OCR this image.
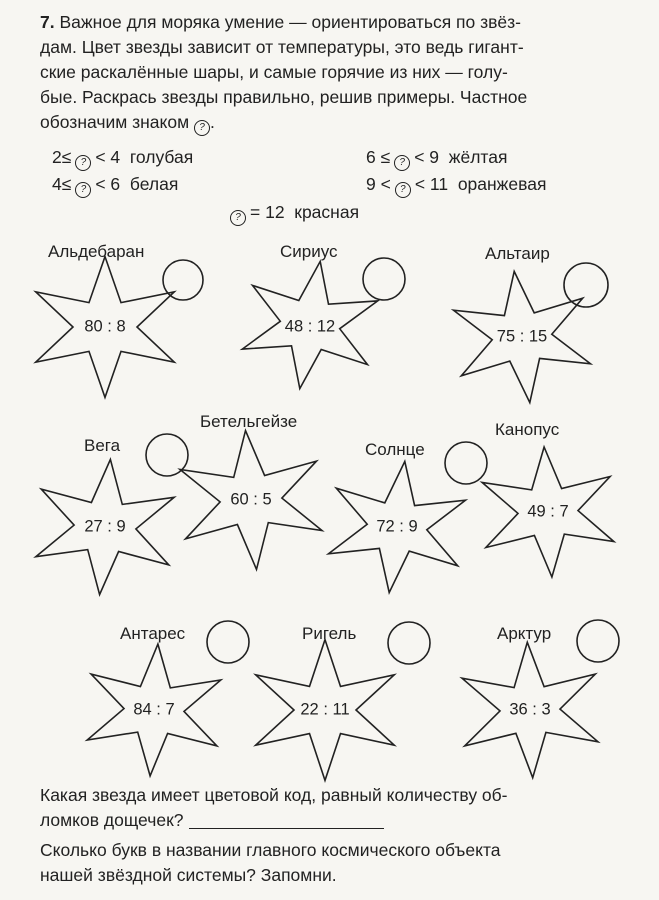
7. Важное для моряка умение — ориентироваться по звёз-
дам. Цвет звезды зависит от температуры, это ведь гигант-
ские раскалённые шары, и самые горячие из них — голу-
бые. Раскрась звезды правильно, решив примеры. Частное
обозначим знаком ? .
2≤ ? < 4 голубая	6 ≤ ? < 9 жёлтая
4≤ ? < 6 белая	9 < ? < 11 оранжевая
? = 12 красная
Альдебаран	Сириус	Альтаир
Вега
Бетельгейзе
Солнце
Канопус
Антарес	Ригель	Арктур
80 : 8	48 : 12
75 : 15
27 : 9
60 : 5
72 : 9
49 : 7
84 : 7	22 : 11	36 : 3
Какая звезда имеет цветовой код, равный количеству об-
ломков дощечек?
Сколько букв в названии главного космического объекта
нашей звёздной системы? Запомни.
